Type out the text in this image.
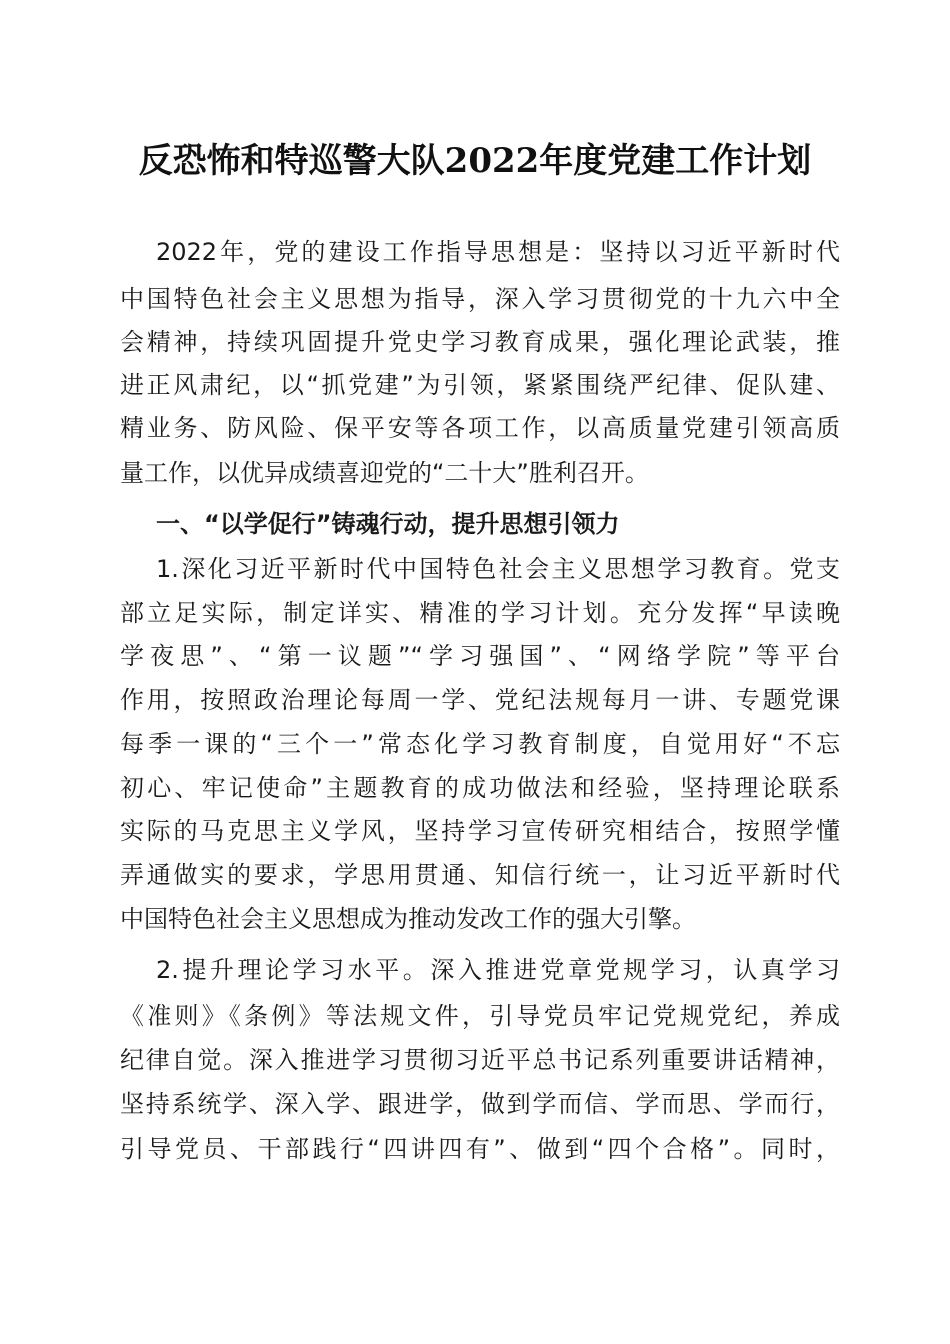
反恐怖和特巡警大队2022年度党建工作计划
2022年，党的建设工作指导思想是：坚持以习近平新时代
中国特色社会主义思想为指导，深入学习贯彻党的十九六中全
会精神，持续巩固提升党史学习教育成果，强化理论武装，推
进正风肃纪，以“抓党建”为引领，紧紧围绕严纪律、促队建、
精业务、防风险、保平安等各项工作，以高质量党建引领高质
量工作，以优异成绩喜迎党的“二十大”胜利召开。
一、“以学促行”铸魂行动，提升思想引领力
1.深化习近平新时代中国特色社会主义思想学习教育。党支
部立足实际，制定详实、精准的学习计划。充分发挥“早读晚
学夜思”、“第一议题”“学习强国”、“网络学院”等平台
作用，按照政治理论每周一学、党纪法规每月一讲、专题党课
每季一课的“三个一”常态化学习教育制度，自觉用好“不忘
初心、牢记使命”主题教育的成功做法和经验，坚持理论联系
实际的马克思主义学风，坚持学习宣传研究相结合，按照学懂
弄通做实的要求，学思用贯通、知信行统一，让习近平新时代
中国特色社会主义思想成为推动发改工作的强大引擎。
2.提升理论学习水平。深入推进党章党规学习，认真学习
《准则》《条例》等法规文件，引导党员牢记党规党纪，养成
纪律自觉。深入推进学习贯彻习近平总书记系列重要讲话精神，
坚持系统学、深入学、跟进学，做到学而信、学而思、学而行，
引导党员、干部践行“四讲四有”、做到“四个合格”。同时，
